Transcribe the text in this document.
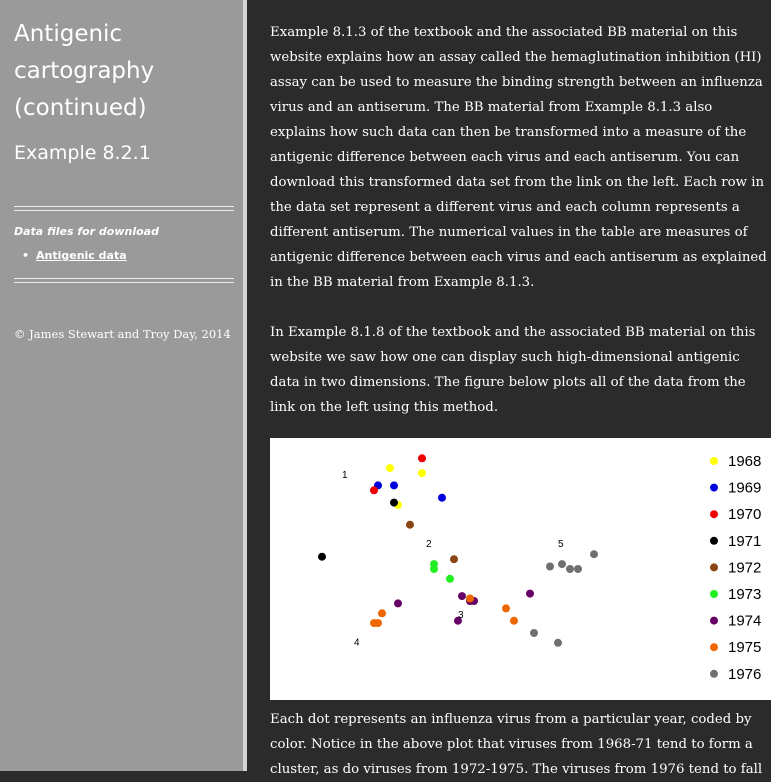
Antigenic cartography (continued)
Example 8.2.1
Data files for download
• Antigenic data
© James Stewart and Troy Day, 2014

Example 8.1.3 of the textbook and the associated BB material on this website explains how an assay called the hemaglutination inhibition (HI) assay can be used to measure the binding strength between an influenza virus and an antiserum. The BB material from Example 8.1.3 also explains how such data can then be transformed into a measure of the antigenic difference between each virus and each antiserum. You can download this transformed data set from the link on the left. Each row in the data set represent a different virus and each column represents a different antiserum. The numerical values in the table are measures of antigenic difference between each virus and each antiserum as explained in the BB material from Example 8.1.3.

In Example 8.1.8 of the textbook and the associated BB material on this website we saw how one can display such high-dimensional antigenic data in two dimensions. The figure below plots all of the data from the link on the left using this method.

1
2
3
4
5
1968
1969
1970
1971
1972
1973
1974
1975
1976

Each dot represents an influenza virus from a particular year, coded by color. Notice in the above plot that viruses from 1968-71 tend to form a cluster, as do viruses from 1972-1975. The viruses from 1976 tend to fall
